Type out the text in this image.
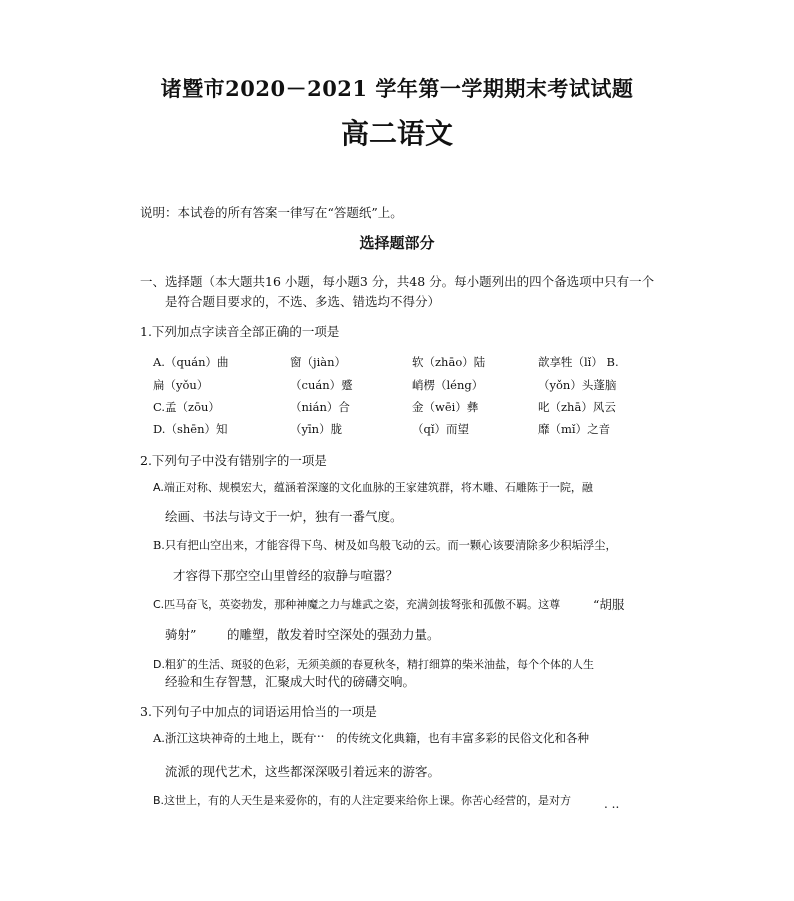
诸暨市2020－2021 学年第一学期期末考试试题
高二语文
说明：本试卷的所有答案一律写在“答题纸”上。
选择题部分
一、选择题（本大题共16 小题，每小题3 分，共48 分。每小题列出的四个备选项中只有一个
是符合题目要求的，不选、多选、错选均不得分）
1.下列加点字读音全部正确的一项是
A.（quán）曲	窗（jiàn）	软（zhāo）陆	歆享牲（lǐ） B.
扁（yǒu）	（cuán）蹙	峭楞（léng）	（yǒn）头蓬脑
C.孟（zōu）	（nián）合	金（wēi）彝	叱（zhā）风云
D.（shēn）知	（yīn）胧	（qǐ）而望	靡（mǐ）之音
2.下列句子中没有错别字的一项是
A.端正对称、规模宏大，蕴涵着深邃的文化血脉的王家建筑群，将木雕、石雕陈于一院，融
绘画、书法与诗文于一炉，独有一番气度。
B.只有把山空出来，才能容得下鸟、树及如鸟般飞动的云。而一颗心该要清除多少积垢浮尘，
才容得下那空空山里曾经的寂静与喧嚣？
C.匹马奋飞，英姿勃发，那种神魔之力与雄武之姿，充满剑拔弩张和孤傲不羁。这尊	“胡服
骑射” 的雕塑，散发着时空深处的强劲力量。
D.粗犷的生活、斑驳的色彩，无须美颜的春夏秋冬，精打细算的柴米油盐，每个个体的人生
经验和生存智慧，汇聚成大时代的磅礴交响。
3.下列句子中加点的词语运用恰当的一项是
A.浙江这块神奇的土地上，既有
... 的传统文化典籍，也有丰富多彩的民俗文化和各种
流派的现代艺术，这些都深深吸引着远来的游客。
B.这世上，有的人天生是来爱你的，有的人注定要来给你上课。你苦心经营的，是对方	. ..
